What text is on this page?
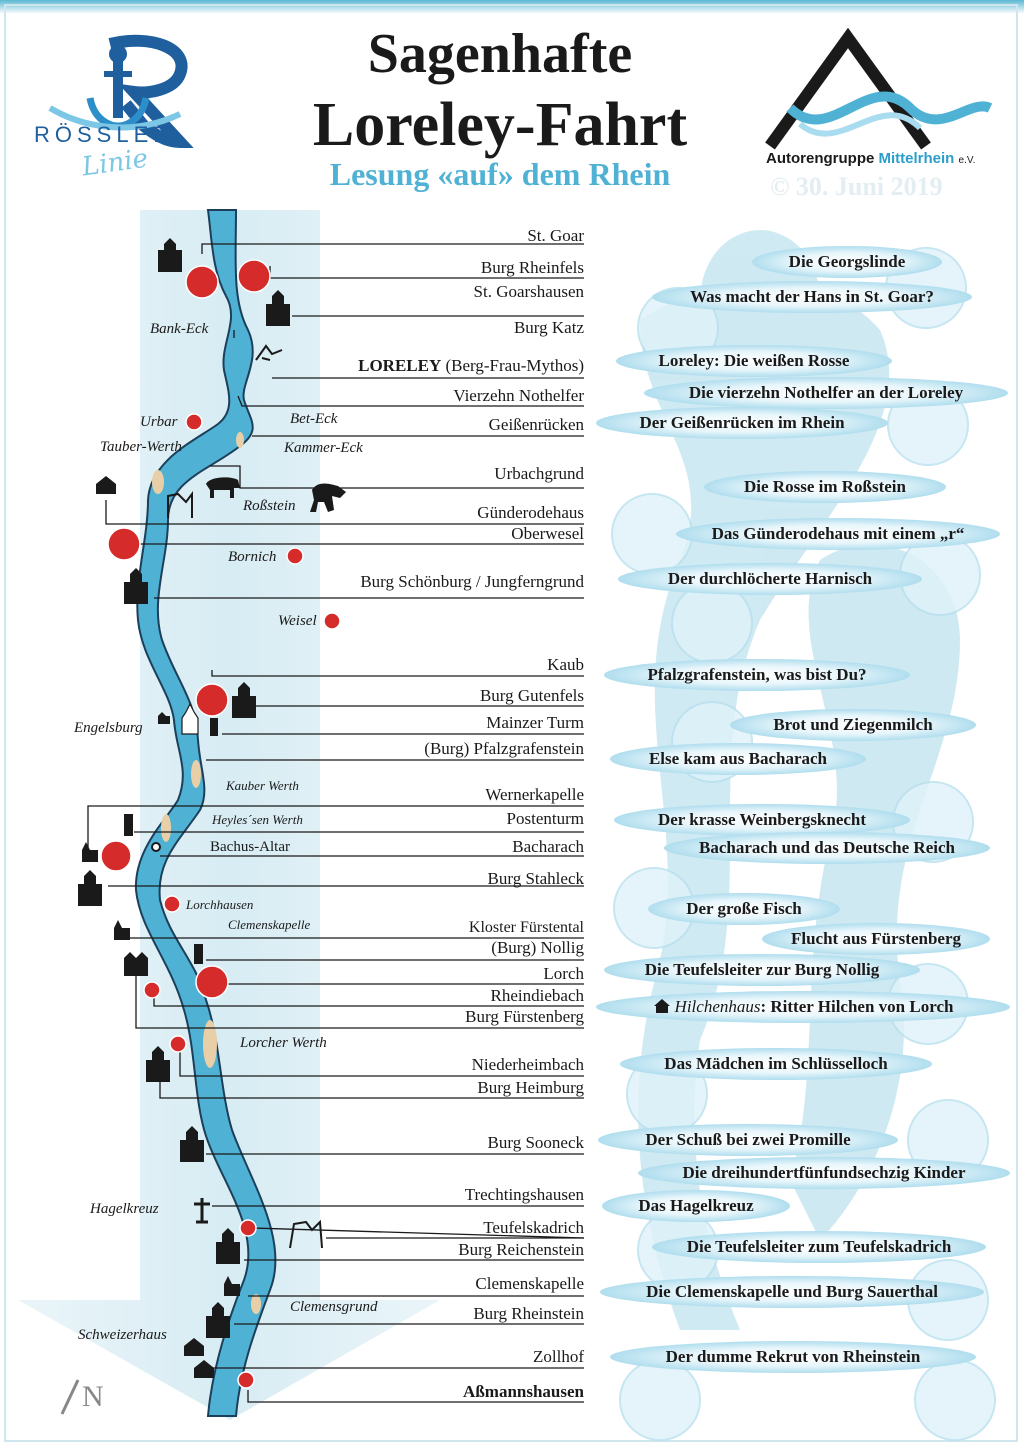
RÖSSLER
Linie
Sagenhafte
Loreley-Fahrt
Lesung «auf» dem Rhein	Autorengruppe Mittelrhein e.V.
© 30. Juni 2019
St. Goar
Burg Rheinfels
St. Goarshausen
Burg Katz
LORELEY (Berg-Frau-Mythos)
Vierzehn Nothelfer
Geißenrücken
Urbachgrund
Günderodehaus
Oberwesel
Burg Schönburg / Jungferngrund
Kaub
Burg Gutenfels
Mainzer Turm
(Burg) Pfalzgrafenstein
Wernerkapelle
Postenturm
Bacharach
Burg Stahleck
Kloster Fürstental
(Burg) Nollig
Lorch
Rheindiebach
Burg Fürstenberg
Niederheimbach
Burg Heimburg
Burg Sooneck
Trechtingshausen
Teufelskadrich
Burg Reichenstein
Clemenskapelle
Burg Rheinstein
Zollhof
Aßmannshausen
Bank-Eck
Bet-Eck
Urbar
Tauber-Werth	Kammer-Eck
Roßstein
Bornich
Weisel
Engelsburg
Kauber Werth
Heyles´sen Werth
Bachus-Altar
Lorchhausen
Clemenskapelle
Lorcher Werth
Hagelkreuz
Clemensgrund
Schweizerhaus
N
Die Georgslinde
Was macht der Hans in St. Goar?
Loreley: Die weißen Rosse
Die vierzehn Nothelfer an der Loreley
Der Geißenrücken im Rhein
Die Rosse im Roßstein
Das Günderodehaus mit einem „r“
Der durchlöcherte Harnisch
Pfalzgrafenstein, was bist Du?
Brot und Ziegenmilch
Else kam aus Bacharach
Der krasse Weinbergsknecht
Bacharach und das Deutsche Reich
Der große Fisch
Flucht aus Fürstenberg
Die Teufelsleiter zur Burg Nollig
Hilchenhaus: Ritter Hilchen von Lorch
Das Mädchen im Schlüsselloch
Der Schuß bei zwei Promille
Die dreihundertfünfundsechzig Kinder
Das Hagelkreuz
Die Teufelsleiter zum Teufelskadrich
Die Clemenskapelle und Burg Sauerthal
Der dumme Rekrut von Rheinstein
